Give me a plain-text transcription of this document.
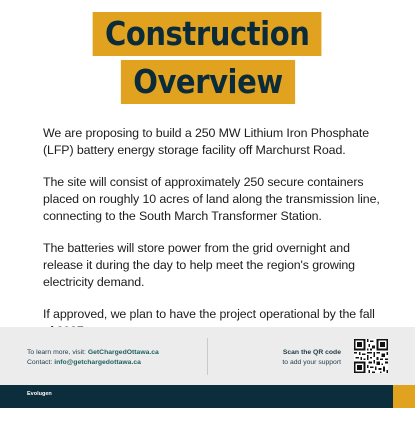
Construction
Overview

We are proposing to build a 250 MW Lithium Iron Phosphate (LFP) battery energy storage facility off Marchurst Road.

The site will consist of approximately 250 secure containers placed on roughly 10 acres of land along the transmission line, connecting to the South March Transformer Station.

The batteries will store power from the grid overnight and release it during the day to help meet the region's growing electricity demand.

If approved, we plan to have the project operational by the fall

To learn more, visit: GetChargedOttawa.ca
Contact: info@getchargedottawa.ca
Scan the QR code
to add your support
Evolugen
